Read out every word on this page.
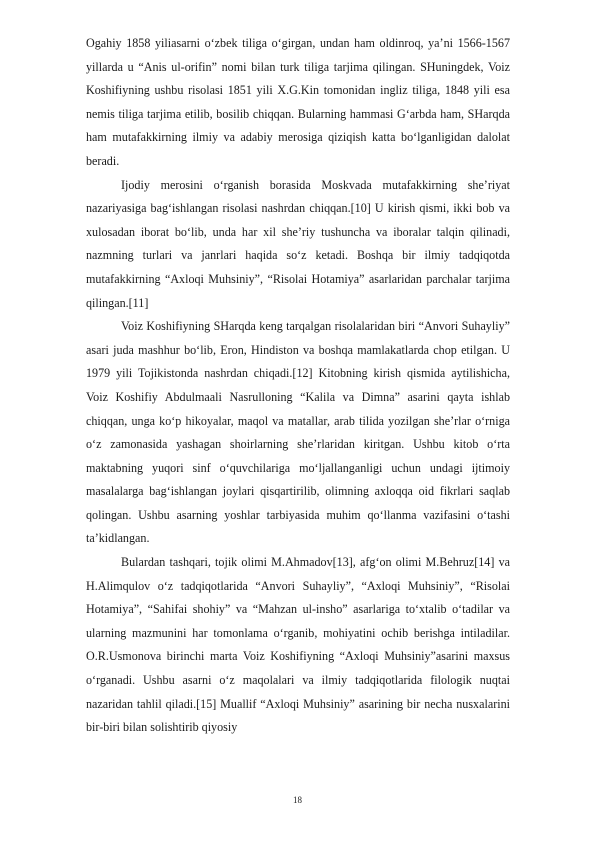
Ogahiy 1858 yiliasarni o‘zbek tiliga o‘girgan, undan ham oldinroq, ya’ni 1566-1567 yillarda u “Anis ul-orifin” nomi bilan turk tiliga tarjima qilingan. SHuningdek, Voiz Koshifiyning ushbu risolasi 1851 yili X.G.Kin tomonidan ingliz tiliga, 1848 yili esa nemis tiliga tarjima etilib, bosilib chiqqan. Bularning hammasi G‘arbda ham, SHarqda ham mutafakkirning ilmiy va adabiy merosiga qiziqish katta bo‘lganligidan dalolat beradi.

Ijodiy merosini o‘rganish borasida Moskvada mutafakkirning she’riyat nazariyasiga bag‘ishlangan risolasi nashrdan chiqqan.[10] U kirish qismi, ikki bob va xulosadan iborat bo‘lib, unda har xil she’riy tushuncha va iboralar talqin qilinadi, nazmning turlari va janrlari haqida so‘z ketadi. Boshqa bir ilmiy tadqiqotda mutafakkirning “Axloqi Muhsiniy”, “Risolai Hotamiya” asarlaridan parchalar tarjima qilingan.[11]

Voiz Koshifiyning SHarqda keng tarqalgan risolalaridan biri “Anvori Suhayliy” asari juda mashhur bo‘lib, Eron, Hindiston va boshqa mamlakatlarda chop etilgan. U 1979 yili Tojikistonda nashrdan chiqadi.[12] Kitobning kirish qismida aytilishicha, Voiz Koshifiy Abdulmaali Nasrulloning “Kalila va Dimna” asarini qayta ishlab chiqqan, unga ko‘p hikoyalar, maqol va matallar, arab tilida yozilgan she’rlar o‘rniga o‘z zamonasida yashagan shoirlarning she’rlaridan kiritgan. Ushbu kitob o‘rta maktabning yuqori sinf o‘quvchilariga mo‘ljallanganligi uchun undagi ijtimoiy masalalarga bag‘ishlangan joylari qisqartirilib, olimning axloqqa oid fikrlari saqlab qolingan. Ushbu asarning yoshlar tarbiyasida muhim qo‘llanma vazifasini o‘tashi ta’kidlangan.

Bulardan tashqari, tojik olimi M.Ahmadov[13], afg‘on olimi M.Behruz[14] va H.Alimqulov o‘z tadqiqotlarida “Anvori Suhayliy”, “Axloqi Muhsiniy”, “Risolai Hotamiya”, “Sahifai shohiy” va “Mahzan ul-insho” asarlariga to‘xtalib o‘tadilar va ularning mazmunini har tomonlama o‘rganib, mohiyatini ochib berishga intiladilar. O.R.Usmonova birinchi marta Voiz Koshifiyning “Axloqi Muhsiniy”asarini maxsus o‘rganadi. Ushbu asarni o‘z maqolalari va ilmiy tadqiqotlarida filologik nuqtai nazaridan tahlil qiladi.[15] Muallif “Axloqi Muhsiniy” asarining bir necha nusxalarini bir-biri bilan solishtirib qiyosiy

18
